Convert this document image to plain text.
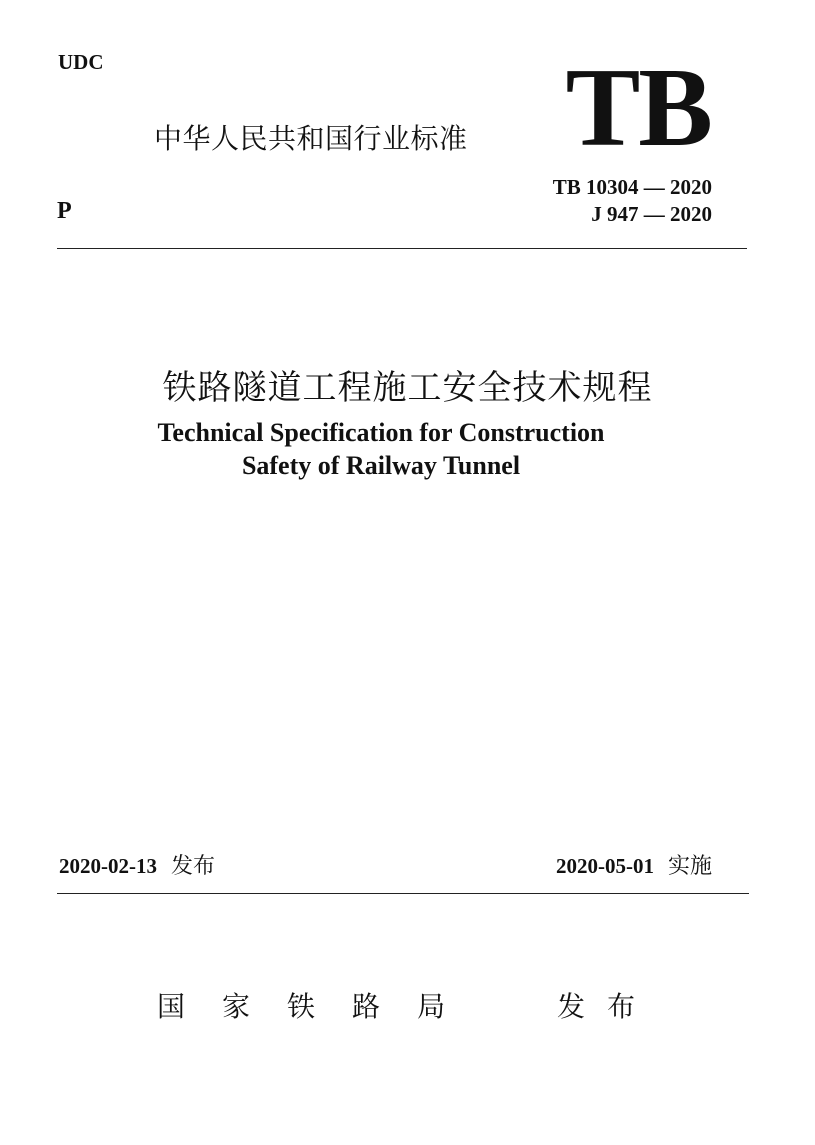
UDC
P
中华人民共和国行业标准 TB
TB 10304 — 2020
J 947 — 2020
铁路隧道工程施工安全技术规程
Technical Specification for Construction
Safety of Railway Tunnel
2020-02-13 发布	2020-05-01 实施
国 家 铁 路 局	发 布
